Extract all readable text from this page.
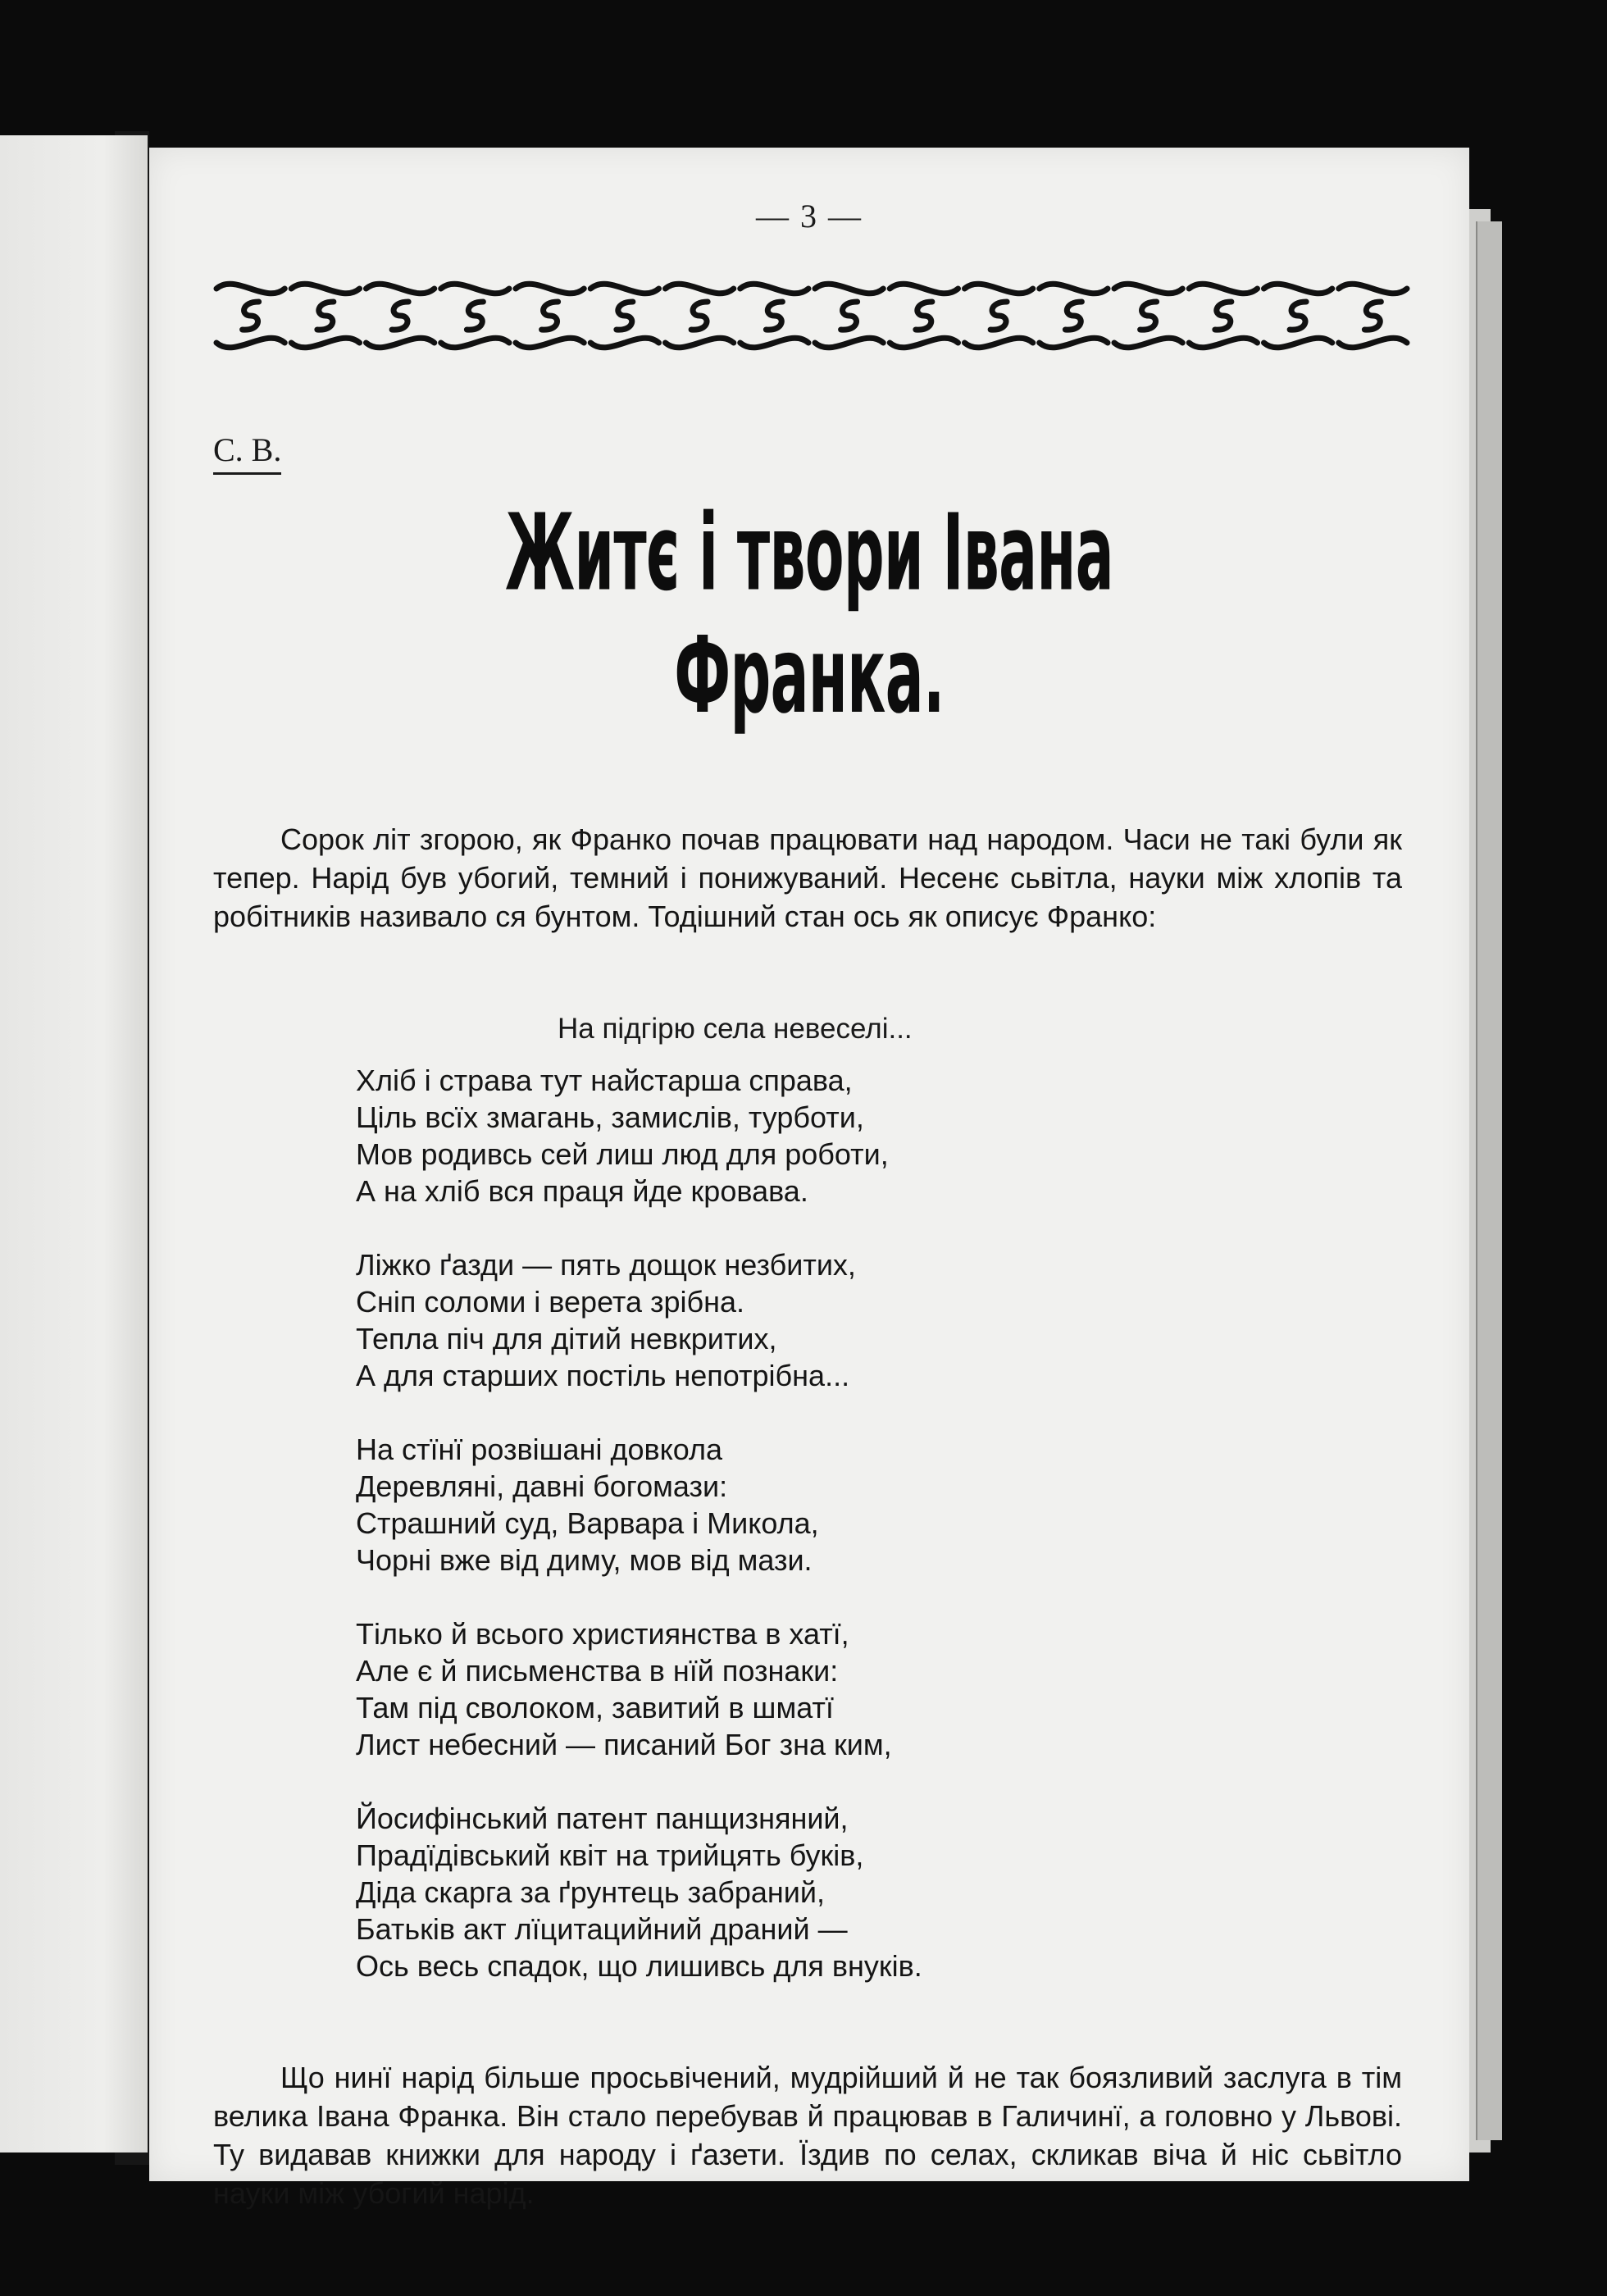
— 3 —
С. В.
Житє і твори Івана Франка.

Сорок літ згорою, як Франко почав працювати над народом. Часи не такі були як тепер. Нарід був убогий, темний і понижуваний. Несенє сьвітла, науки між хлопів та робітників називало ся бунтом. Тодішний стан ось як описує Франко:

На підгірю села невеселі...
Хліб і страва тут найстарша справа,
Ціль всїх змагань, замислів, турботи,
Мов родивсь сей лиш люд для роботи,
А на хліб вся праця йде кровава.
Ліжко ґазди — пять дощок незбитих,
Сніп соломи і верета зрібна.
Тепла піч для дітий невкритих,
А для старших постіль непотрібна...
На стїнї розвішані довкола
Деревляні, давні богомази:
Страшний суд, Варвара і Микола,
Чорні вже від диму, мов від мази.
Тілько й всього християнства в хатї,
Але є й письменства в нїй познаки:
Там під сволоком, завитий в шматї
Лист небесний — писаний Бог зна ким,
Йосифінський патент панщизняний,
Прадїдівський квіт на трийцять буків,
Діда скарга за ґрунтець забраний,
Батьків акт лїцитацийний драний —
Ось весь спадок, що лишивсь для внуків.

Що нинї нарід більше просьвічений, мудрійший й не так боязливий заслуга в тім велика Івана Франка. Він стало перебував й працював в Галичинї, а головно у Львові. Ту видавав книжки для народу і ґазети. Їздив по селах, скликав віча й ніс сьвітло науки між убогий нарід.
